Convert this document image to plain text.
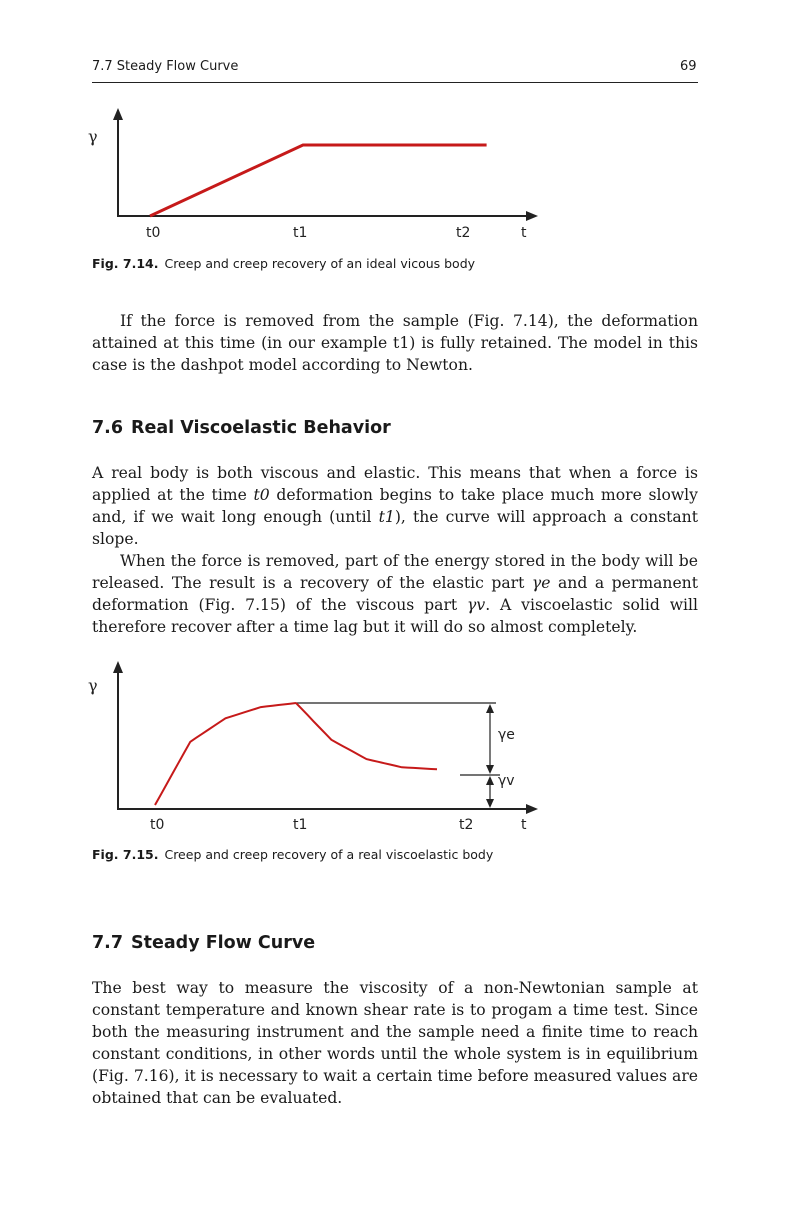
7.7 Steady Flow Curve	69
γ
t0	t1	t2	t
Fig. 7.14. Creep and creep recovery of an ideal vicous body

If the force is removed from the sample (Fig. 7.14), the deformation attained at this time (in our example t1) is fully retained. The model in this case is the dashpot model according to Newton.

7.6 Real Viscoelastic Behavior

A real body is both viscous and elastic. This means that when a force is applied at the time t0 deformation begins to take place much more slowly and, if we wait long enough (until t1), the curve will approach a constant slope.

When the force is removed, part of the energy stored in the body will be released. The result is a recovery of the elastic part γe and a permanent deformation (Fig. 7.15) of the viscous part γv. A viscoelastic solid will therefore recover after a time lag but it will do so almost completely.

γ
γe
γv
t0	t1	t2	t
Fig. 7.15. Creep and creep recovery of a real viscoelastic body
7.7 Steady Flow Curve

The best way to measure the viscosity of a non-Newtonian sample at constant temperature and known shear rate is to progam a time test. Since both the measuring instrument and the sample need a finite time to reach constant conditions, in other words until the whole system is in equilibrium (Fig. 7.16), it is necessary to wait a certain time before measured values are obtained that can be evaluated.
